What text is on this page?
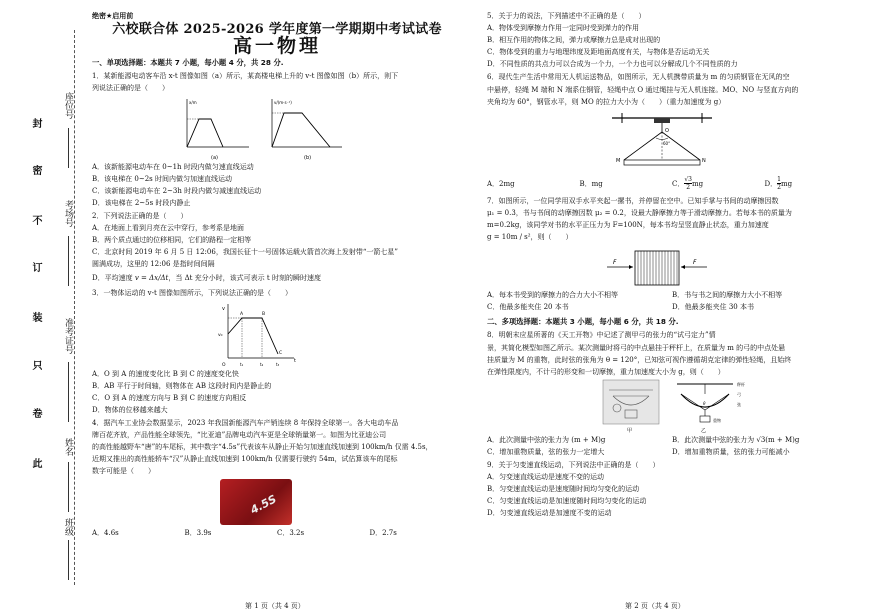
座位号
考场号
准考证号
姓名
班级
封
密
不
订
装
只
卷
此

绝密★启用前

六校联合体 2025-2026 学年度第一学期期中考试试卷

高一物理

一、单项选择题：本题共 7 小题，每小题 4 分，共 28 分.

1．某新能源电动客车沿 x-t 图像如图（a）所示，某高楼电梯上升的 v-t 图像如图（b）所示，则下

列说法正确的是（　　）

x/m
(a)
v/(m·s⁻¹)
(b)

A．该新能源电动车在 0~1h 时段内做匀速直线运动

B．该电梯在 0~2s 时间内做匀加速直线运动

C．该新能源电动车在 2~3h 时段内做匀减速直线运动

D．该电梯在 2~5s 时段内静止

2．下列说法正确的是（　　）

A．在地面上看到月亮在云中穿行，参考系是地面

B．两个质点通过的位移相同，它们的路程一定相等

C．北京时间 2019 年 6 月 5 日 12:06，我国长征十一号固体运载火箭首次海上发射带“一箭七星”

圆满成功，这里的 12:06 是指时间间隔

D．平均速度 v = Δx/Δt，当 Δt 充分小时，该式可表示 t 时刻的瞬时速度

3．一物体运动的 v-t 图像如图所示，下列说法正确的是（　　）

v
v₀
O
A	B
C
t₁	t₂	t₃
t

A．O 到 A 的速度变化比 B 到 C 的速度变化快

B．AB 平行于时间轴，则物体在 AB 这段时间内是静止的

C．O 到 A 的速度方向与 B 到 C 的速度方向相反

D．物体的位移越来越大

4．据汽车工业协会数据显示，2023 年我国新能源汽车产销连续 8 年保持全球第一。各大电动车品

牌百花齐放，产品性能全球领先，“比亚迪”品牌电动汽车更是全球销量第一。如图为比亚迪公司

的高性能越野车“唐”的车尾标，其中数字“4.5s”代表该车从静止开始匀加速直线加速到 100km/h 仅需 4.5s，

近期又推出的高性能轿车“汉”从静止直线加速到 100km/h 仅需要行驶约 54m，试估算该车的尾标

数字可能是（　　）

4.5S

A．4.6s	B．3.9s	C．3.2s	D．2.7s

第 1 页（共 4 页）

5．关于力的说法，下列描述中不正确的是（　　）

A．物体受到摩擦力作用一定同时受到弹力的作用

B．相互作用的物体之间，弹力或摩擦力总是成对出现的

C．物体受到的重力与地理纬度及距地面高度有关，与物体是否运动无关

D．不同性质的共点力可以合成为一个力，一个力也可以分解成几个不同性质的力

6．现代生产生活中常用无人机运送物品，如图所示，无人机携带质量为 m 的匀质钢管在无风的空

中悬停，轻绳 M 端和 N 端系住钢管，轻绳中点 O 通过绳挂与无人机连接。MO、NO 与竖直方向的

夹角均为 60°，钢管水平，则 MO 的拉力大小为（　　）（重力加速度为 g）

O
M	N
60°

A．2mg	B．mg	C． $\frac{√3}{2}$ mg	D． $\frac{1}{2}$ mg

7．如图所示，一位同学用双手水平夹起一摞书，并停留在空中。已知手掌与书间的动摩擦因数

μ₁ = 0.3，书与书间的动摩擦因数 μ₂ = 0.2，设最大静摩擦力等于滑动摩擦力。若每本书的质量为

m=0.2kg，该同学对书的水平正压力为 F=100N，每本书均呈竖直静止状态，重力加速度

g = 10m / s²，则（　　）

F	F

A．每本书受到的摩擦力的合力大小不相等	B．书与书之间的摩擦力大小不相等

C．他最多能夹住 20 本书	D．他最多能夹住 30 本书

二、多项选择题：本题共 3 小题，每小题 6 分，共 18 分.

8．明朝末应星所著的《天工开物》中记述了测甲弓的张力的“试弓定力”情

景，其简化模型如图乙所示。某次测量时将弓的中点悬挂于秤杆上，在质量为 m 的弓的中点处悬

挂质量为 M 的重物，此时弦的张角为 θ = 120°，已知弦可视作遵循胡克定律的弹性轻绳，且始终

在弹性限度内，不计弓的形变和一切摩擦，重力加速度大小为 g，则（　　）

甲
θ
秤杆
弓
弦
重物
乙

A．此次测量中弦的张力为 (m + M)g	B．此次测量中弦的张力为 √3(m + M)g

C．增加重物质量，弦的张力一定增大	D．增加重物质量，弦的张力可能减小

9．关于匀变速直线运动，下列说法中正确的是（　　）

A．匀变速直线运动是速度不变的运动

B．匀变速直线运动是速度随时间均匀变化的运动

C．匀变速直线运动是加速度随时间均匀变化的运动

D．匀变速直线运动是加速度不变的运动

第 2 页（共 4 页）
